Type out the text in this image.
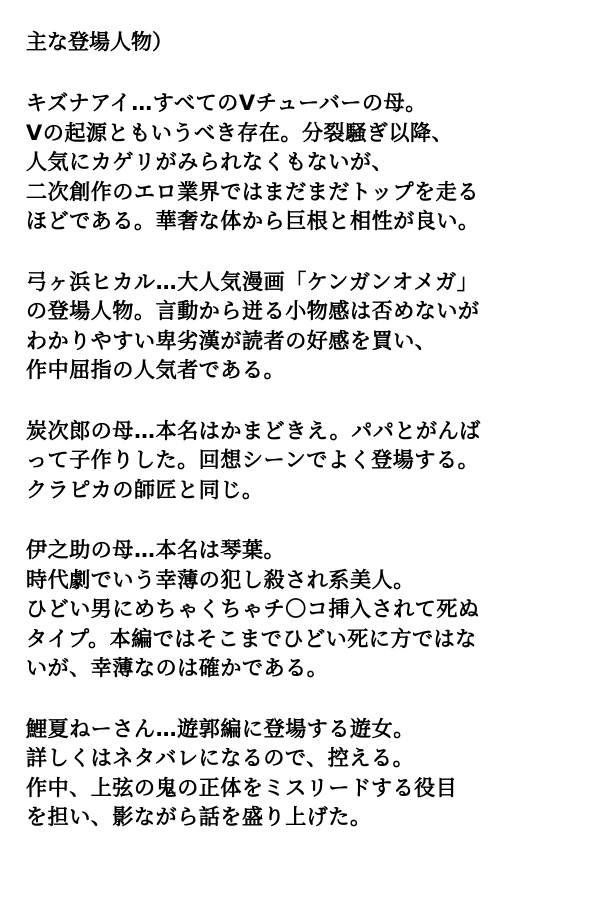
主な登場人物）
キズナアイ…すべてのVチューバーの母。
Vの起源ともいうべき存在。分裂騒ぎ以降、
人気にカゲリがみられなくもないが、
二次創作のエロ業界ではまだまだトップを走る
ほどである。華奢な体から巨根と相性が良い。
弓ヶ浜ヒカル…大人気漫画「ケンガンオメガ」
の登場人物。言動から迸る小物感は否めないが
わかりやすい卑劣漢が読者の好感を買い、
作中屈指の人気者である。
炭次郎の母…本名はかまどきえ。パパとがんば
って子作りした。回想シーンでよく登場する。
クラピカの師匠と同じ。
伊之助の母…本名は琴葉。
時代劇でいう幸薄の犯し殺され系美人。
ひどい男にめちゃくちゃチ〇コ挿入されて死ぬ
タイプ。本編ではそこまでひどい死に方ではな
いが、幸薄なのは確かである。
鯉夏ねーさん…遊郭編に登場する遊女。
詳しくはネタバレになるので、控える。
作中、上弦の鬼の正体をミスリードする役目
を担い、影ながら話を盛り上げた。
